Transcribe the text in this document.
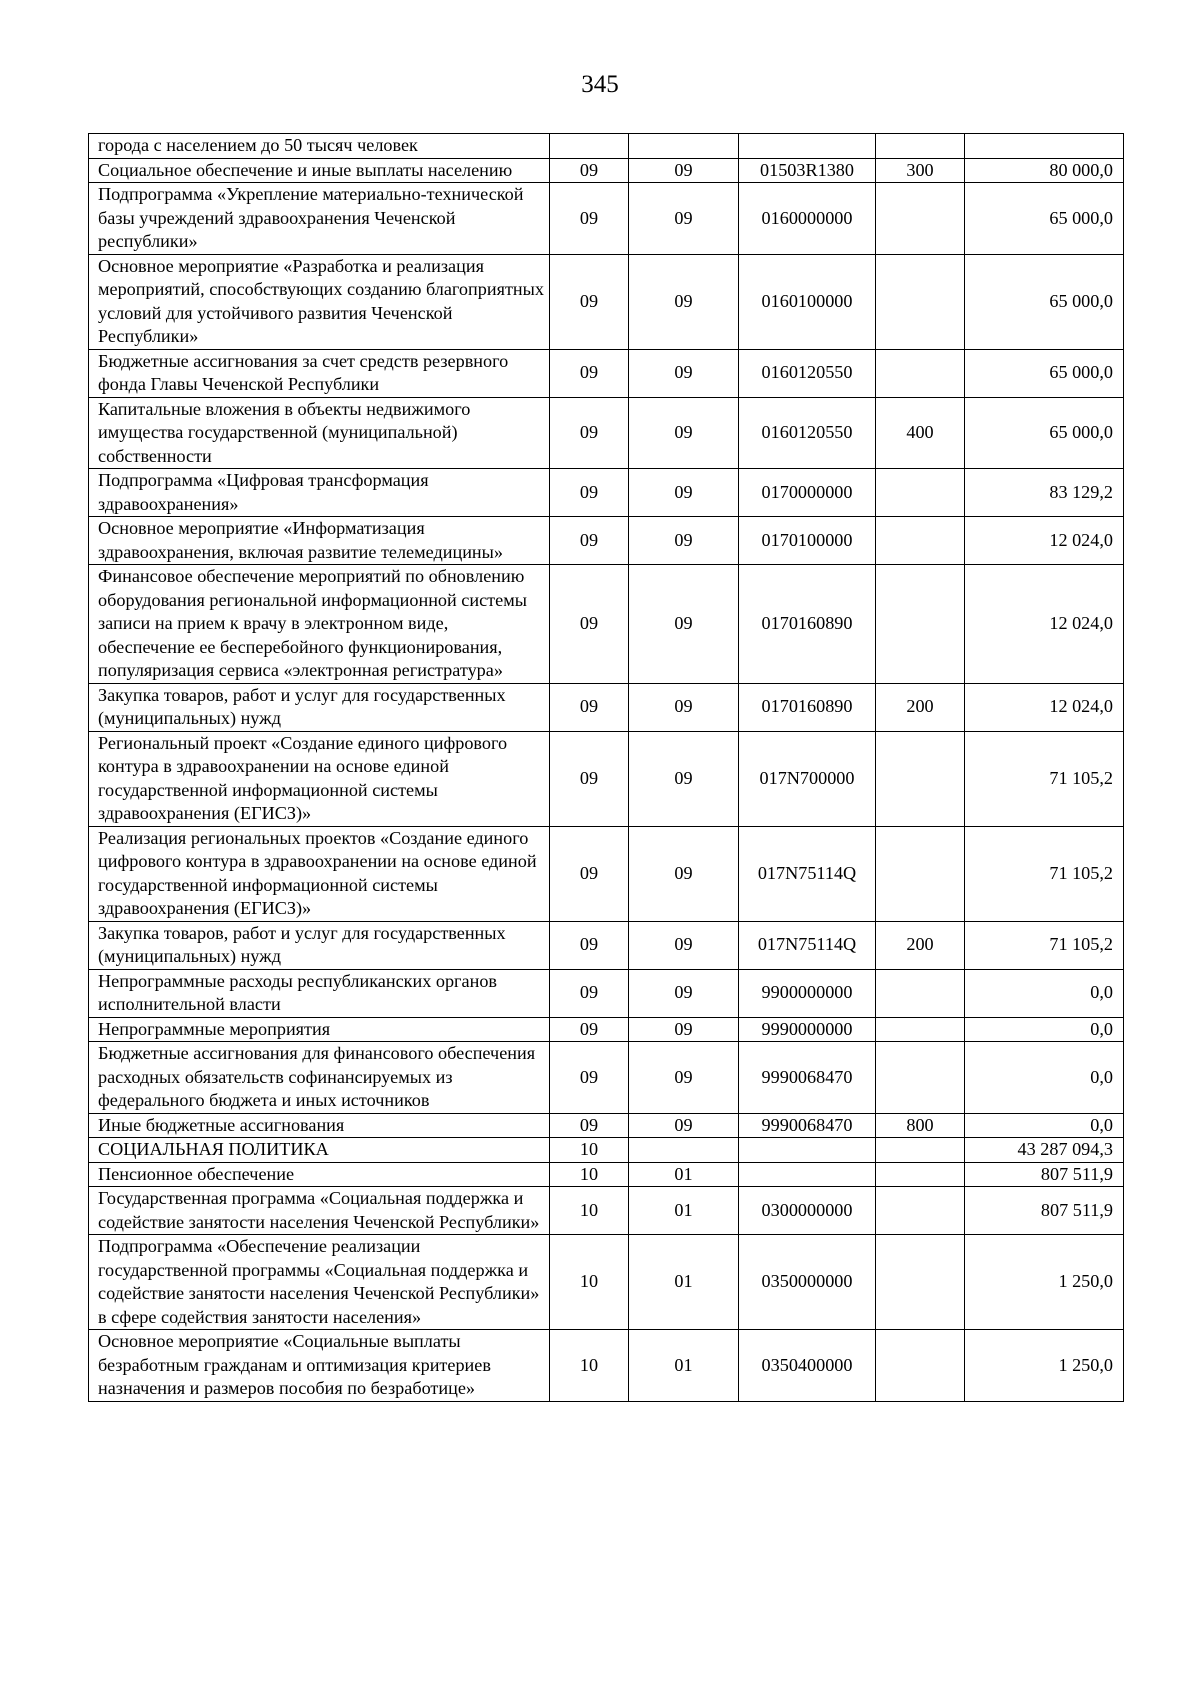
345
города с населением до 50 тысяч человек					
Социальное обеспечение и иные выплаты населению	09	09	01503R1380	300	80 000,0
Подпрограмма «Укрепление материально-технической базы учреждений здравоохранения Чеченской республики»	09	09	0160000000		65 000,0
Основное мероприятие «Разработка и реализация мероприятий, способствующих созданию благоприятных условий для устойчивого развития Чеченской Республики»	09	09	0160100000		65 000,0
Бюджетные ассигнования за счет средств резервного фонда Главы Чеченской Республики	09	09	0160120550		65 000,0
Капитальные вложения в объекты недвижимого имущества государственной (муниципальной) собственности	09	09	0160120550	400	65 000,0
Подпрограмма «Цифровая трансформация здравоохранения»	09	09	0170000000		83 129,2
Основное мероприятие «Информатизация здравоохранения, включая развитие телемедицины»	09	09	0170100000		12 024,0
Финансовое обеспечение мероприятий по обновлению оборудования региональной информационной системы записи на прием к врачу в электронном виде, обеспечение ее бесперебойного функционирования, популяризация сервиса «электронная регистратура»	09	09	0170160890		12 024,0
Закупка товаров, работ и услуг для государственных (муниципальных) нужд	09	09	0170160890	200	12 024,0
Региональный проект «Создание единого цифрового контура в здравоохранении на основе единой государственной информационной системы здравоохранения (ЕГИСЗ)»	09	09	017N700000		71 105,2
Реализация региональных проектов «Создание единого цифрового контура в здравоохранении на основе единой государственной информационной системы здравоохранения (ЕГИСЗ)»	09	09	017N75114Q		71 105,2
Закупка товаров, работ и услуг для государственных (муниципальных) нужд	09	09	017N75114Q	200	71 105,2
Непрограммные расходы республиканских органов исполнительной власти	09	09	9900000000		0,0
Непрограммные мероприятия	09	09	9990000000		0,0
Бюджетные ассигнования для финансового обеспечения расходных обязательств софинансируемых из федерального бюджета и иных источников	09	09	9990068470		0,0
Иные бюджетные ассигнования	09	09	9990068470	800	0,0
СОЦИАЛЬНАЯ ПОЛИТИКА	10				43 287 094,3
Пенсионное обеспечение	10	01			807 511,9
Государственная программа «Социальная поддержка и содействие занятости населения Чеченской Республики»	10	01	0300000000		807 511,9
Подпрограмма «Обеспечение реализации государственной программы «Социальная поддержка и содействие занятости населения Чеченской Республики» в сфере содействия занятости населения»	10	01	0350000000		1 250,0
Основное мероприятие «Социальные выплаты безработным гражданам и оптимизация критериев назначения и размеров пособия по безработице»	10	01	0350400000		1 250,0
